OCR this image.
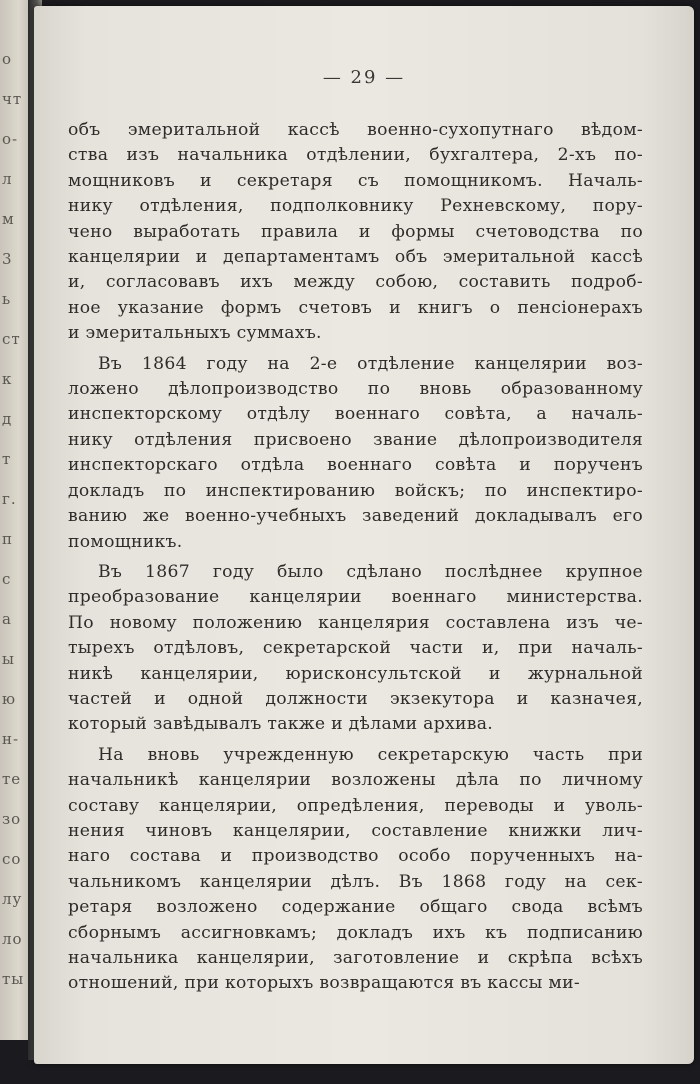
о
чт
о-
л
м
3
ь
ст
к
д
т
г.
п
с
а
ы
ю
н-
те
зо
со
лу
ло
ты
— 29 —
объ эмеритальной кассѣ военно-сухопутнаго вѣдом-
ства изъ начальника отдѣлении, бухгалтера, 2-хъ по-
мощниковъ и секретаря съ помощникомъ. Началь-
нику отдѣления, подполковнику Рехневскому, пору-
чено выработать правила и формы счетоводства по
канцелярии и департаментамъ объ эмеритальной кассѣ
и, согласовавъ ихъ между собою, составить подроб-
ное указание формъ счетовъ и книгъ о пенсіонерахъ
и эмеритальныхъ суммахъ.
Въ 1864 году на 2-е отдѣление канцелярии воз-
ложено дѣлопроизводство по вновь образованному
инспекторскому отдѣлу военнаго совѣта, а началь-
нику отдѣления присвоено звание дѣлопроизводителя
инспекторскаго отдѣла военнаго совѣта и порученъ
докладъ по инспектированию войскъ; по инспектиро-
ванию же военно-учебныхъ заведений докладывалъ его
помощникъ.
Въ 1867 году было сдѣлано послѣднее крупное
преобразование канцелярии военнаго министерства.
По новому положению канцелярия составлена изъ че-
тырехъ отдѣловъ, секретарской части и, при началь-
никѣ канцелярии, юрисконсультской и журнальной
частей и одной должности экзекутора и казначея,
который завѣдывалъ также и дѣлами архива.
На вновь учрежденную секретарскую часть при
начальникѣ канцелярии возложены дѣла по личному
составу канцелярии, опредѣления, переводы и уволь-
нения чиновъ канцелярии, составление книжки лич-
наго состава и производство особо порученныхъ на-
чальникомъ канцелярии дѣлъ. Въ 1868 году на сек-
ретаря возложено содержание общаго свода всѣмъ
сборнымъ ассигновкамъ; докладъ ихъ къ подписанию
начальника канцелярии, заготовление и скрѣпа всѣхъ
отношений, при которыхъ возвращаются въ кассы ми-
